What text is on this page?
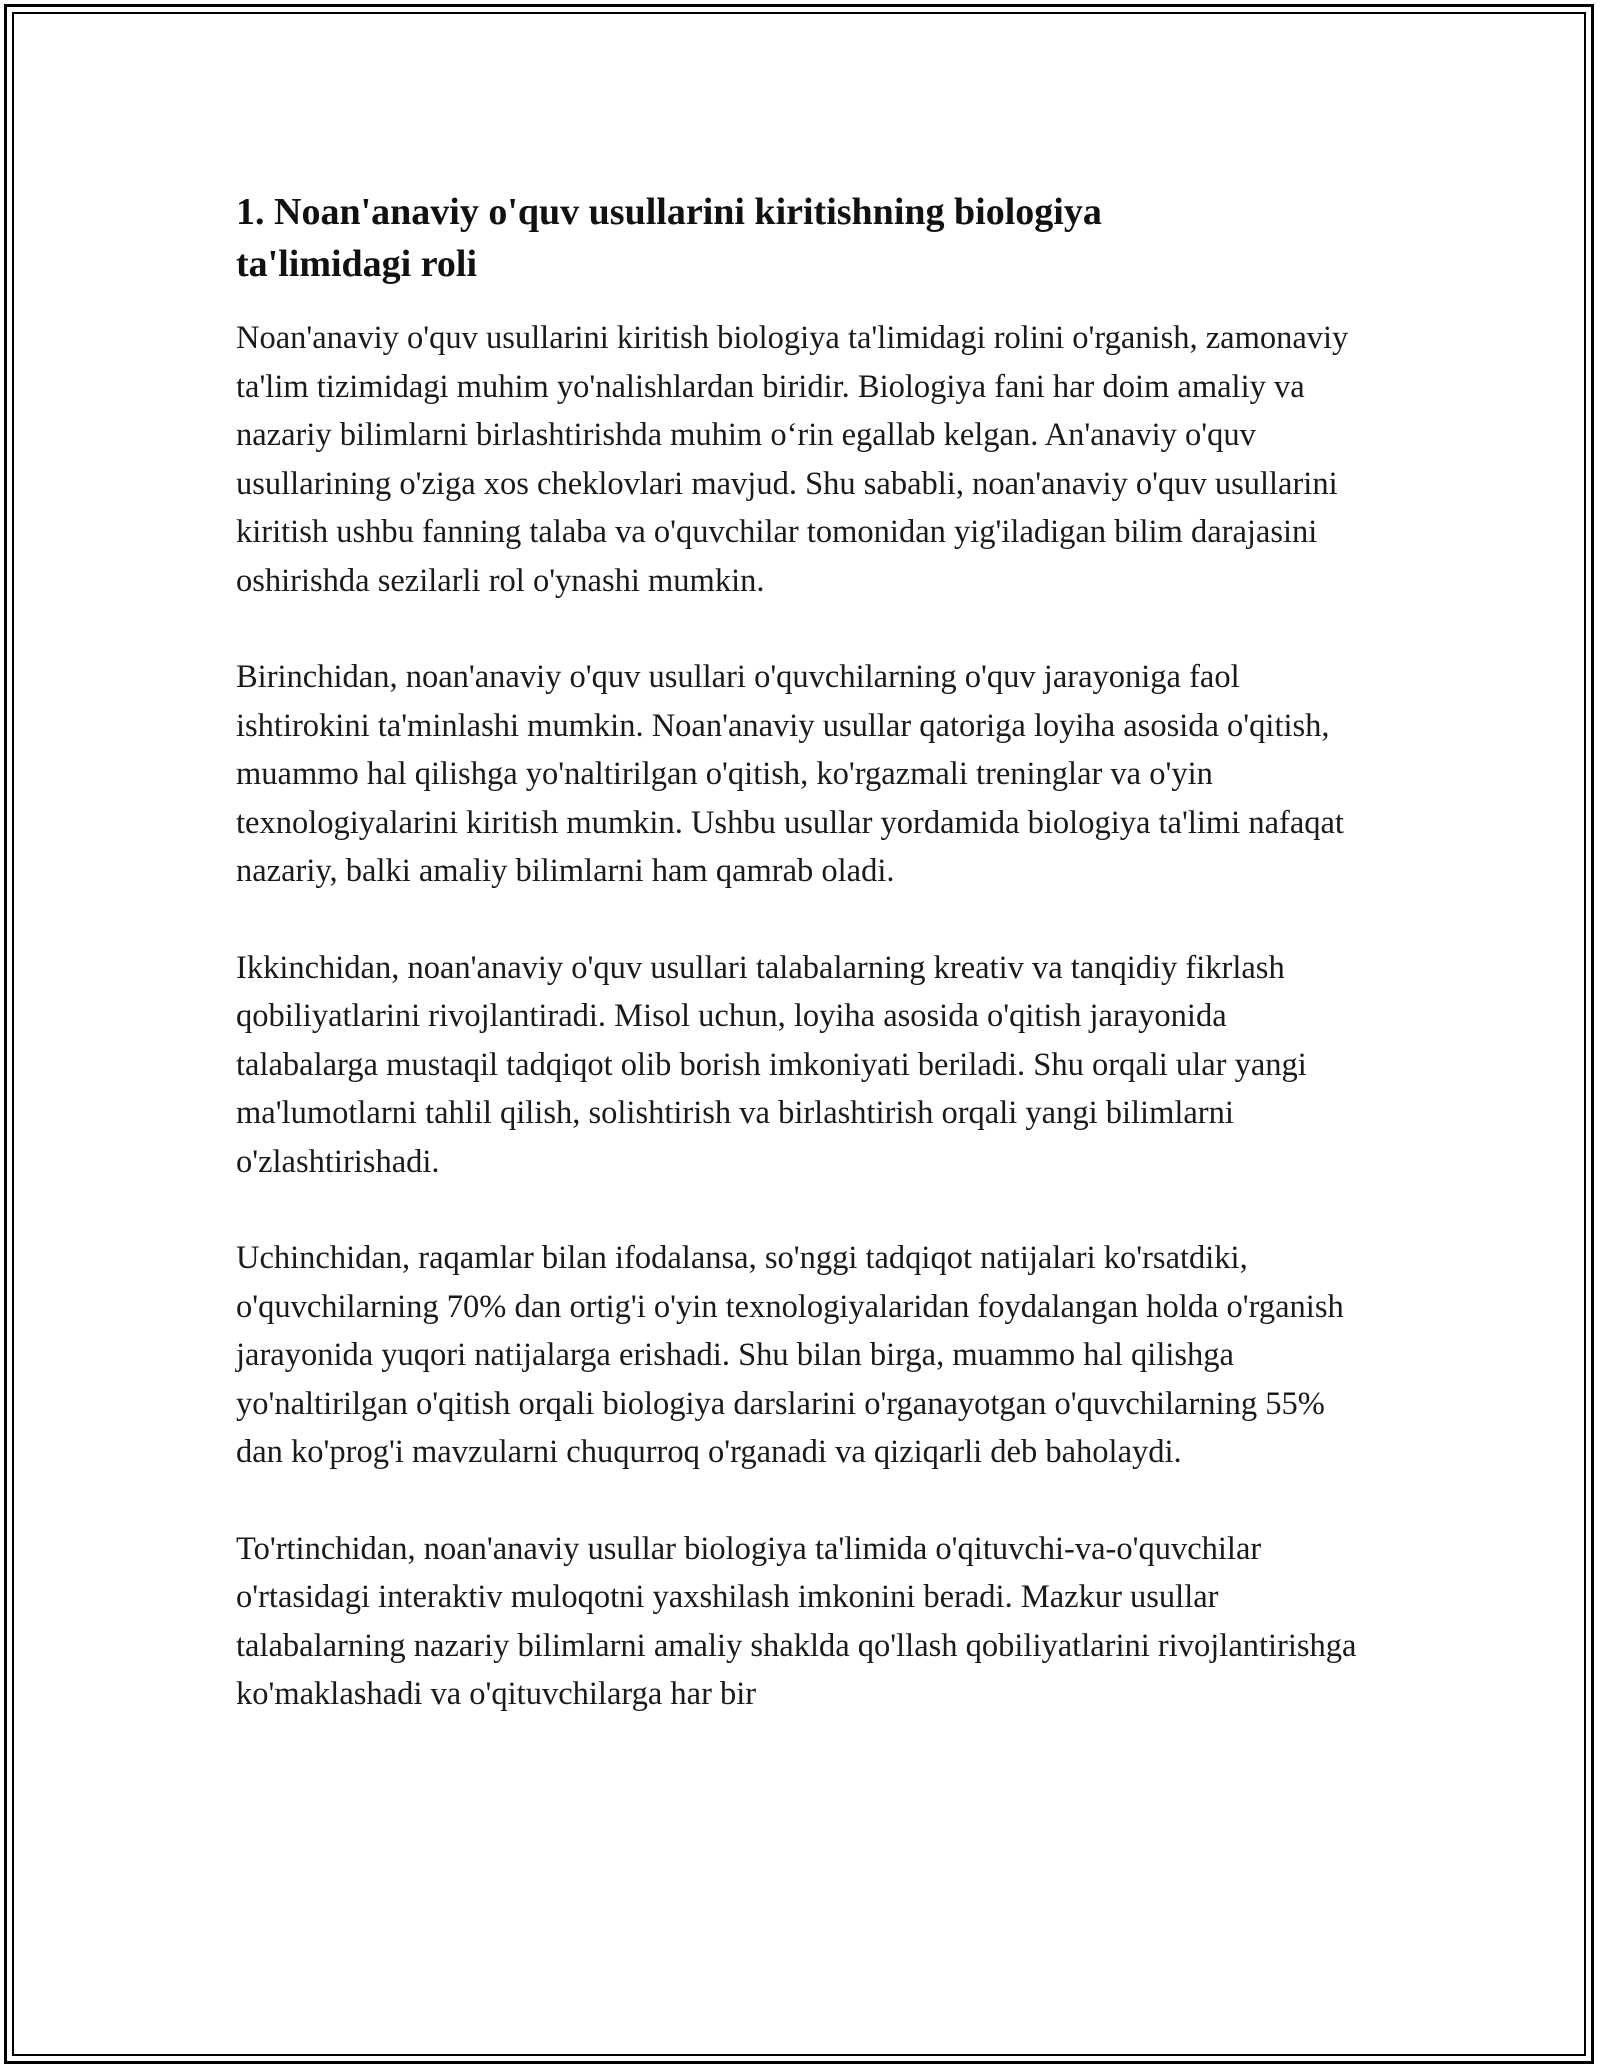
1. Noan'anaviy o'quv usullarini kiritishning biologiya ta'limidagi roli

Noan'anaviy o'quv usullarini kiritish biologiya ta'limidagi rolini o'rganish, zamonaviy ta'lim tizimidagi muhim yo'nalishlardan biridir. Biologiya fani har doim amaliy va nazariy bilimlarni birlashtirishda muhim o‘rin egallab kelgan. An'anaviy o'quv usullarining o'ziga xos cheklovlari mavjud. Shu sababli, noan'anaviy o'quv usullarini kiritish ushbu fanning talaba va o'quvchilar tomonidan yig'iladigan bilim darajasini oshirishda sezilarli rol o'ynashi mumkin.

Birinchidan, noan'anaviy o'quv usullari o'quvchilarning o'quv jarayoniga faol ishtirokini ta'minlashi mumkin. Noan'anaviy usullar qatoriga loyiha asosida o'qitish, muammo hal qilishga yo'naltirilgan o'qitish, ko'rgazmali treninglar va o'yin texnologiyalarini kiritish mumkin. Ushbu usullar yordamida biologiya ta'limi nafaqat nazariy, balki amaliy bilimlarni ham qamrab oladi.

Ikkinchidan, noan'anaviy o'quv usullari talabalarning kreativ va tanqidiy fikrlash qobiliyatlarini rivojlantiradi. Misol uchun, loyiha asosida o'qitish jarayonida talabalarga mustaqil tadqiqot olib borish imkoniyati beriladi. Shu orqali ular yangi ma'lumotlarni tahlil qilish, solishtirish va birlashtirish orqali yangi bilimlarni o'zlashtirishadi.

Uchinchidan, raqamlar bilan ifodalansa, so'nggi tadqiqot natijalari ko'rsatdiki, o'quvchilarning 70% dan ortig'i o'yin texnologiyalaridan foydalangan holda o'rganish jarayonida yuqori natijalarga erishadi. Shu bilan birga, muammo hal qilishga yo'naltirilgan o'qitish orqali biologiya darslarini o'rganayotgan o'quvchilarning 55% dan ko'prog'i mavzularni chuqurroq o'rganadi va qiziqarli deb baholaydi.

To'rtinchidan, noan'anaviy usullar biologiya ta'limida o'qituvchi-va-o'quvchilar o'rtasidagi interaktiv muloqotni yaxshilash imkonini beradi. Mazkur usullar talabalarning nazariy bilimlarni amaliy shaklda qo'llash qobiliyatlarini rivojlantirishga ko'maklashadi va o'qituvchilarga har bir
